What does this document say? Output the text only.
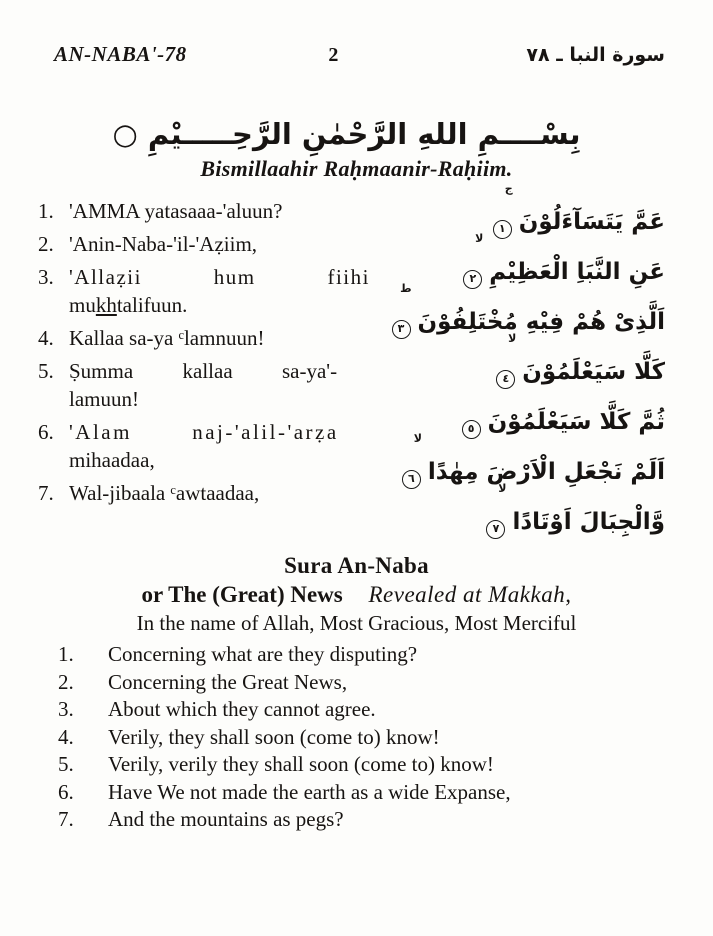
AN-NABA'-78	2	سورة النبا ـ ٧٨
بِسْــــمِ اللهِ الرَّحْمٰنِ الرَّحِـــــيْمِ ○
Bismillaahir Raḥmaanir-Raḥiim.
1. 'AMMA yatasaaa-'aluun?
2. 'Anin-Naba-'il-'Aẓiim,
3. 'Allaẓii hum fiihi
mukhtalifuun.
4. Kallaa sa-ya ᶜlamnuun!
5. Ṣumma kallaa sa-ya'-
lamuun!
6. 'Alam naj-'alil-'arẓa
mihaadaa,
7. Wal-jibaala ᶜawtaadaa,
عَمَّ يَتَسَآءَلُوْنَ١
ج
عَنِ النَّبَاِ الْعَظِيْمِ٢
لا
اَلَّذِىْ هُمْ فِيْهِ مُخْتَلِفُوْنَ٣
ط
كَلَّا سَيَعْلَمُوْنَ٤
لا
ثُمَّ كَلَّا سَيَعْلَمُوْنَ٥
اَلَمْ نَجْعَلِ الْاَرْضَ مِهٰدًا٦
لا
وَّالْجِبَالَ اَوْتَادًا٧
لا
Sura An-Naba
or The (Great) News Revealed at Makkah,
In the name of Allah, Most Gracious, Most Merciful
1.	Concerning what are they disputing?
2.	Concerning the Great News,
3.	About which they cannot agree.
4.	Verily, they shall soon (come to) know!
5.	Verily, verily they shall soon (come to) know!
6.	Have We not made the earth as a wide Expanse,
7.	And the mountains as pegs?
